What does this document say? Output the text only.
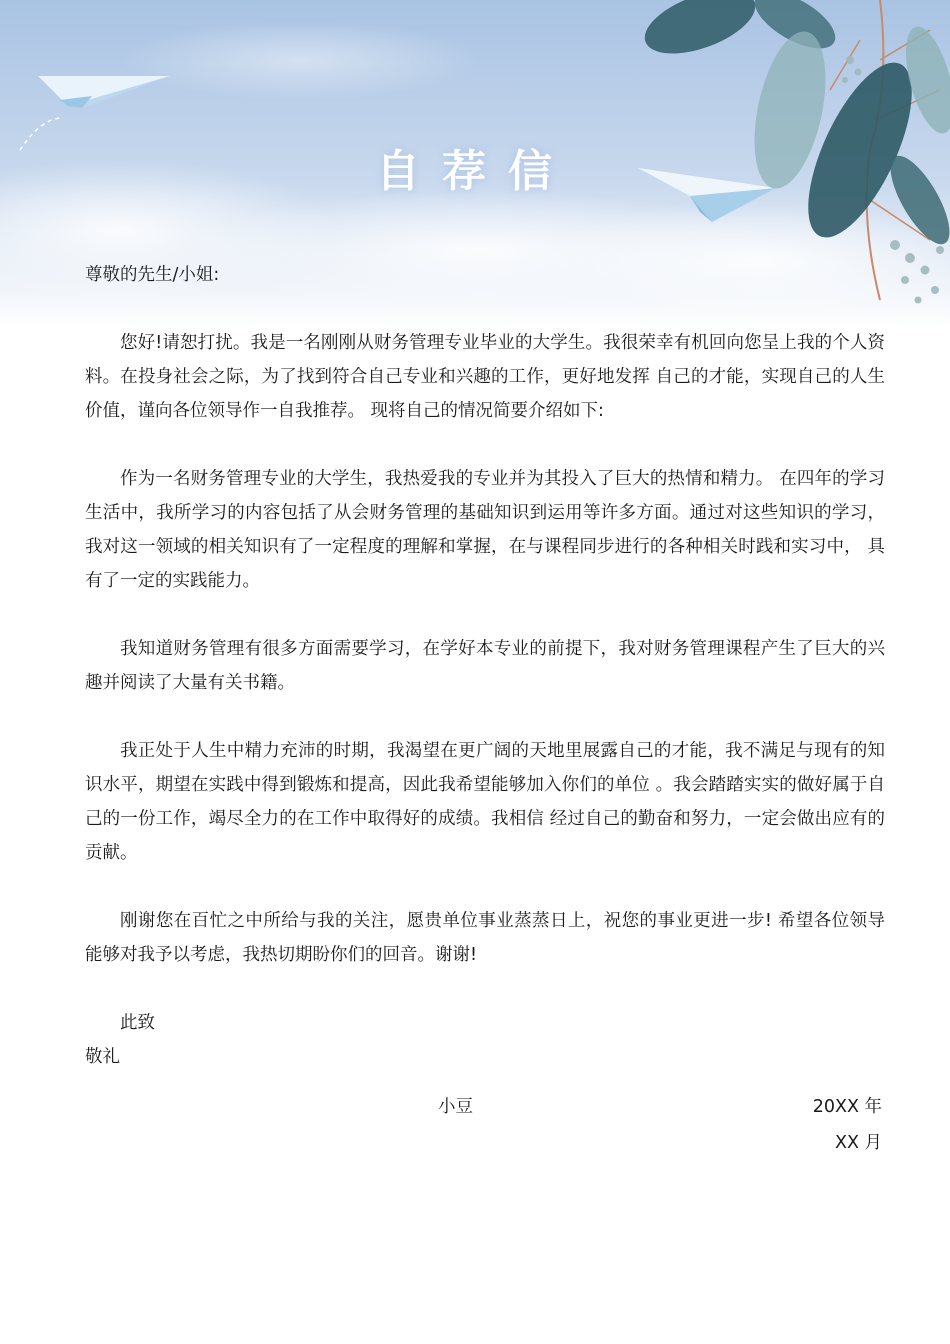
自荐信

尊敬的先生/小姐:

您好!请恕打扰。我是一名刚刚从财务管理专业毕业的大学生。我很荣幸有机回向您呈上我的个人资料。在投身社会之际，为了找到符合自己专业和兴趣的工作，更好地发挥 自己的才能，实现自己的人生价值，谨向各位领导作一自我推荐。 现将自己的情况简要介绍如下:

作为一名财务管理专业的大学生，我热爱我的专业并为其投入了巨大的热情和精力。 在四年的学习生活中，我所学习的内容包括了从会财务管理的基础知识到运用等许多方面。通过对这些知识的学习，我对这一领域的相关知识有了一定程度的理解和掌握，在与课程同步进行的各种相关时践和实习中， 具有了一定的实践能力。

我知道财务管理有很多方面需要学习，在学好本专业的前提下，我对财务管理课程产生了巨大的兴趣并阅读了大量有关书籍。

我正处于人生中精力充沛的时期，我渴望在更广阔的天地里展露自己的才能，我不满足与现有的知识水平，期望在实践中得到锻炼和提高，因此我希望能够加入你们的单位 。我会踏踏实实的做好属于自己的一份工作，竭尽全力的在工作中取得好的成绩。我相信 经过自己的勤奋和努力，一定会做出应有的贡献。

刚谢您在百忙之中所给与我的关注，愿贵单位事业蒸蒸日上，祝您的事业更进一步! 希望各位领导能够对我予以考虑，我热切期盼你们的回音。谢谢!

此致

敬礼

小豆	20XX 年
XX 月
